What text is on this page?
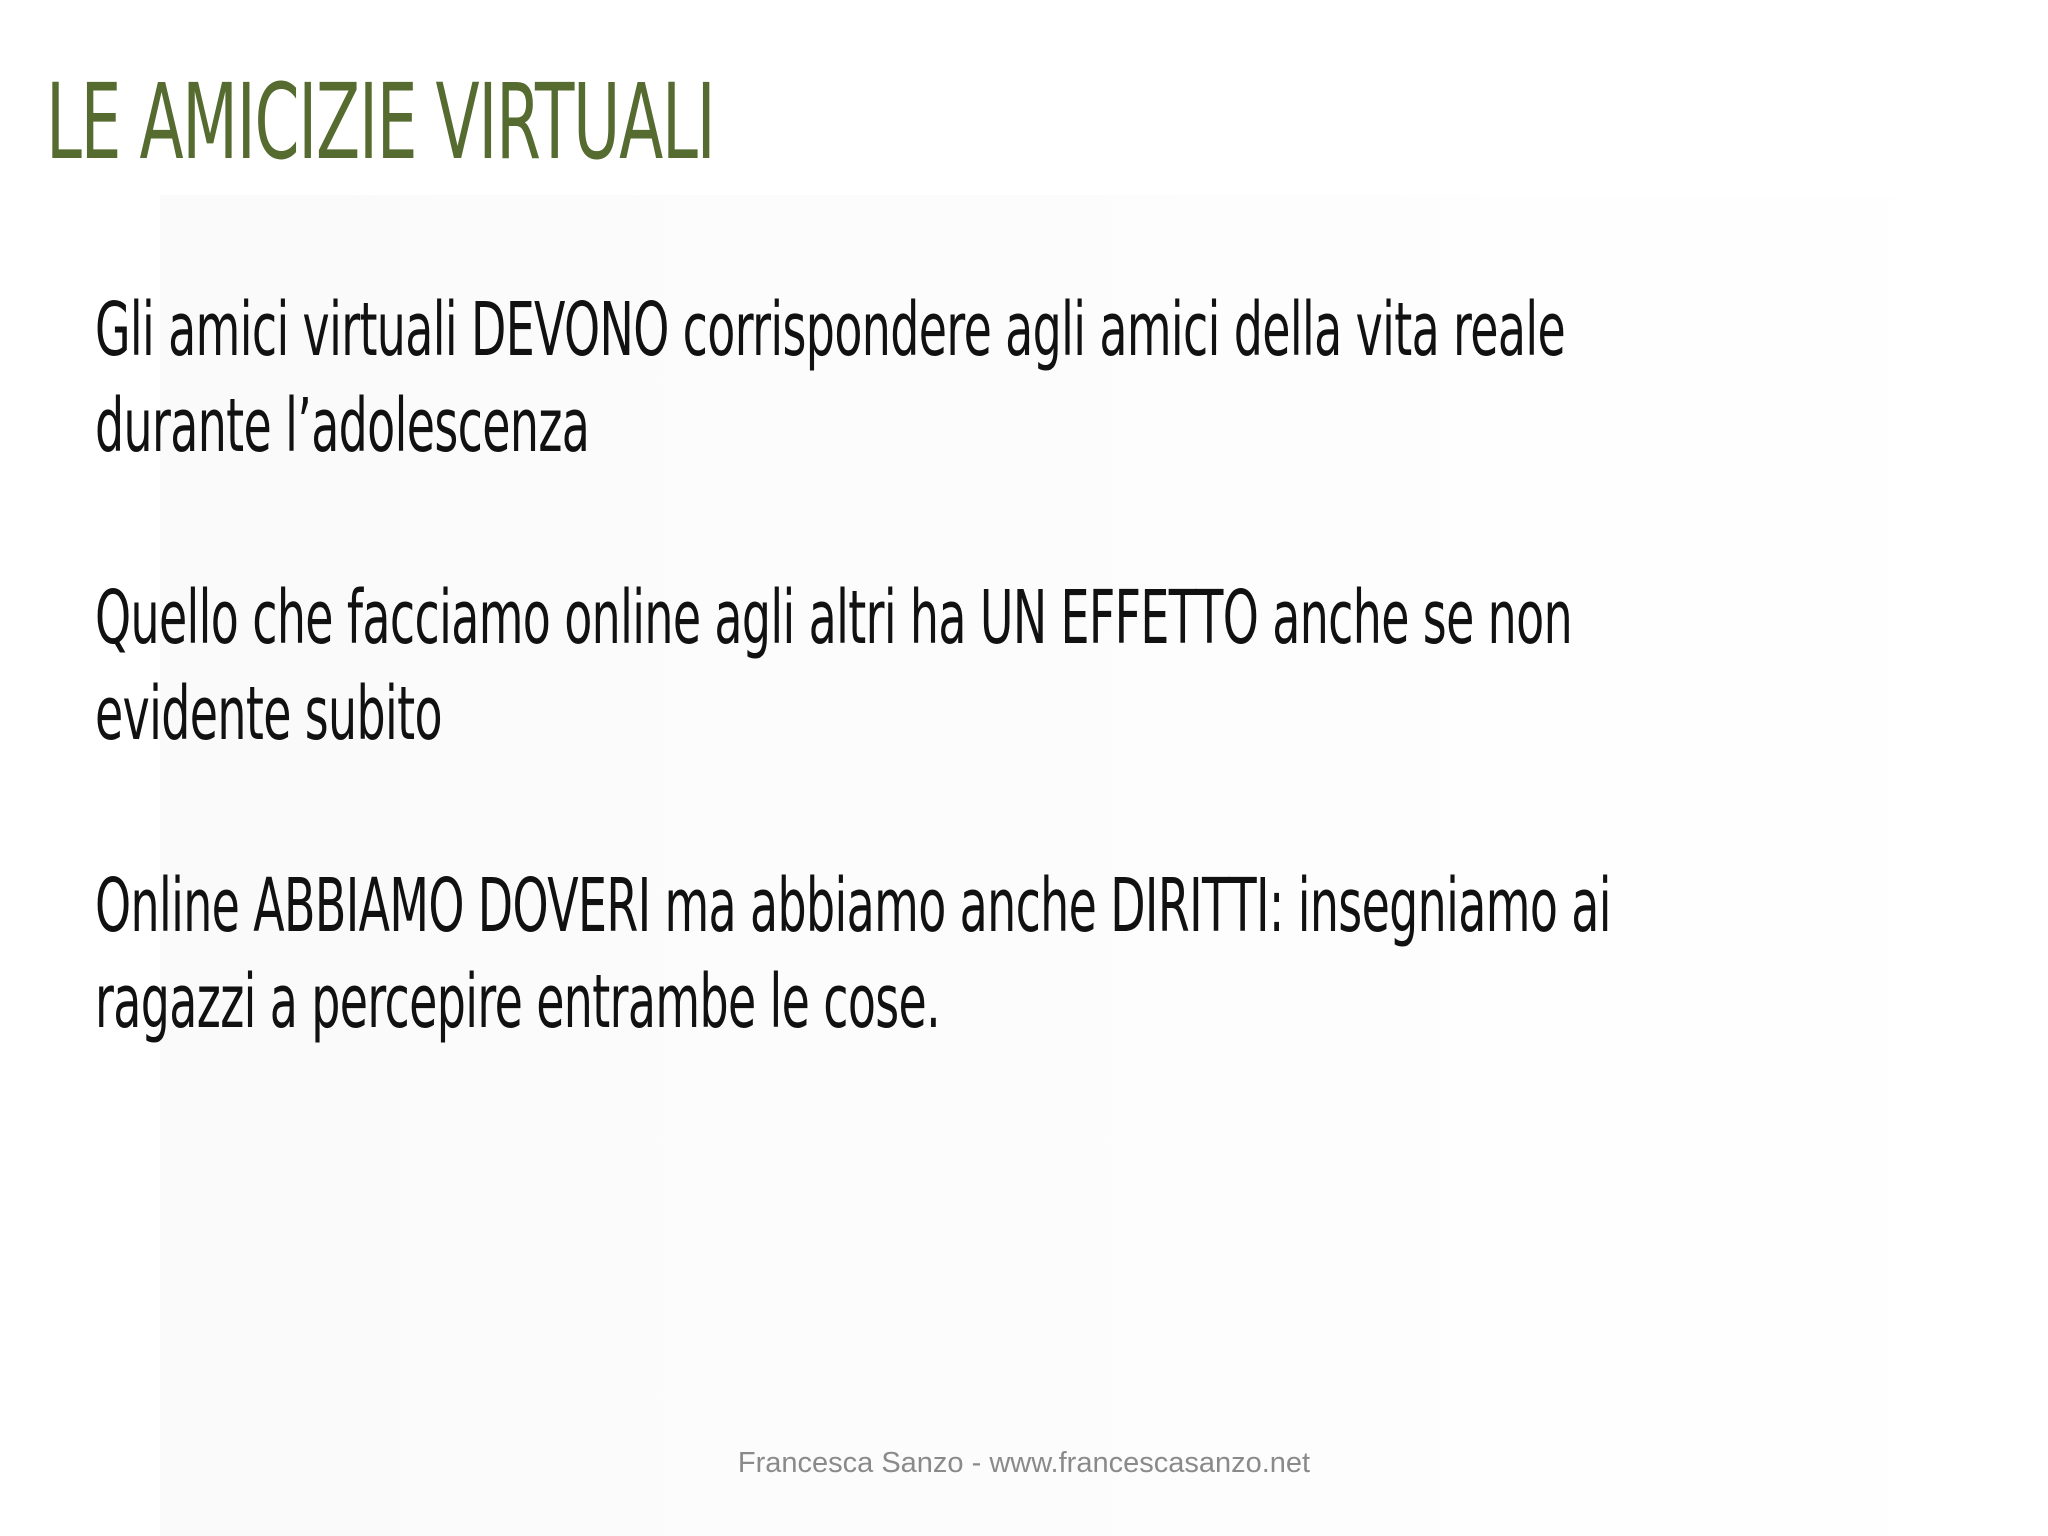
LE AMICIZIE VIRTUALI
Gli amici virtuali DEVONO corrispondere agli amici della vita reale
durante l’adolescenza
Quello che facciamo online agli altri ha UN EFFETTO anche se non
evidente subito
Online ABBIAMO DOVERI ma abbiamo anche DIRITTI: insegniamo ai
ragazzi a percepire entrambe le cose.
Francesca Sanzo - www.francescasanzo.net
